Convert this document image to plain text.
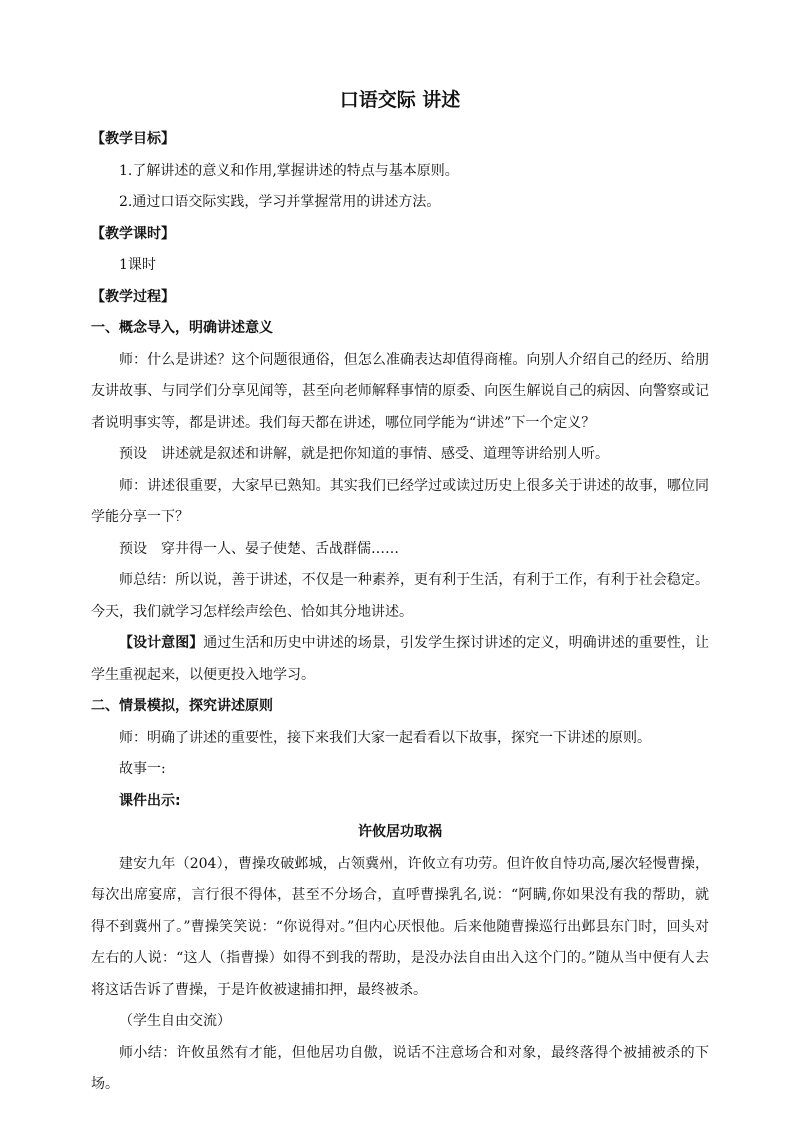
口语交际 讲述

【教学目标】

1.了解讲述的意义和作用,掌握讲述的特点与基本原则。

2.通过口语交际实践，学习并掌握常用的讲述方法。

【教学课时】

1课时

【教学过程】

一、概念导入，明确讲述意义

师：什么是讲述？这个问题很通俗，但怎么准确表达却值得商榷。向别人介绍自己的经历、给朋友讲故事、与同学们分享见闻等，甚至向老师解释事情的原委、向医生解说自己的病因、向警察或记者说明事实等，都是讲述。我们每天都在讲述，哪位同学能为“讲述”下一个定义？

预设　讲述就是叙述和讲解，就是把你知道的事情、感受、道理等讲给别人听。

师：讲述很重要，大家早已熟知。其实我们已经学过或读过历史上很多关于讲述的故事，哪位同学能分享一下？

预设　穿井得一人、晏子使楚、舌战群儒……

师总结：所以说，善于讲述，不仅是一种素养，更有利于生活，有利于工作，有利于社会稳定。今天，我们就学习怎样绘声绘色、恰如其分地讲述。

【设计意图】通过生活和历史中讲述的场景，引发学生探讨讲述的定义，明确讲述的重要性，让学生重视起来，以便更投入地学习。

二、情景模拟，探究讲述原则

师：明确了讲述的重要性，接下来我们大家一起看看以下故事，探究一下讲述的原则。

故事一:

课件出示:

许攸居功取祸

建安九年（204），曹操攻破邺城，占领冀州，许攸立有功劳。但许攸自恃功高,屡次轻慢曹操，每次出席宴席，言行很不得体，甚至不分场合，直呼曹操乳名,说：“阿瞒,你如果没有我的帮助，就得不到冀州了。”曹操笑笑说：“你说得对。”但内心厌恨他。后来他随曹操巡行出邺县东门时，回头对左右的人说：“这人（指曹操）如得不到我的帮助，是没办法自由出入这个门的。”随从当中便有人去将这话告诉了曹操，于是许攸被逮捕扣押，最终被杀。

（学生自由交流）

师小结：许攸虽然有才能，但他居功自傲，说话不注意场合和对象，最终落得个被捕被杀的下场。
